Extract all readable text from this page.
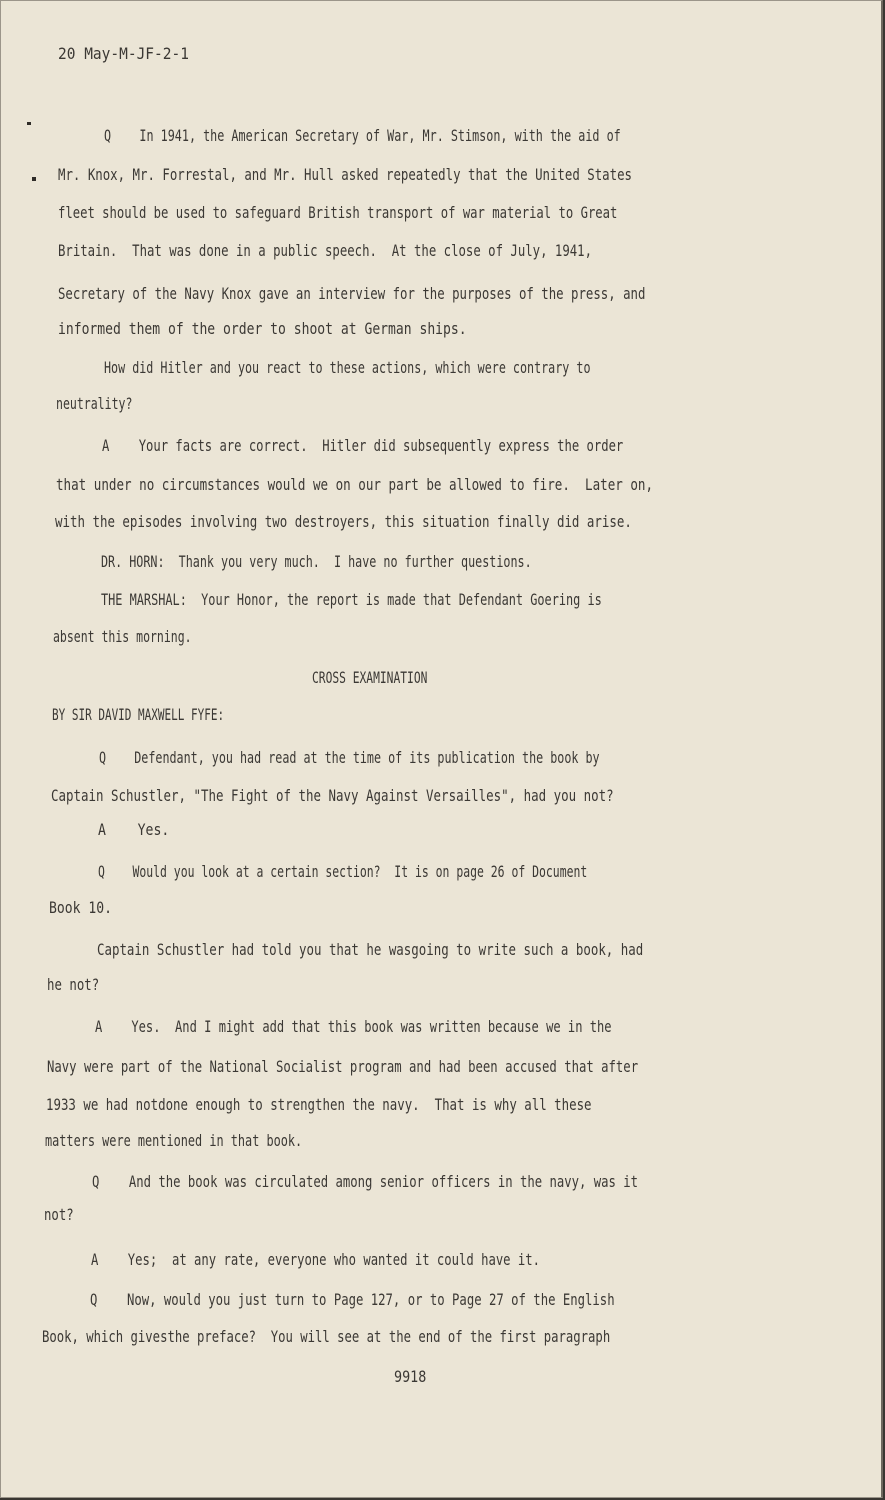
20 May-M-JF-2-1
Q    In 1941, the American Secretary of War, Mr. Stimson, with the aid of
Mr. Knox, Mr. Forrestal, and Mr. Hull asked repeatedly that the United States
fleet should be used to safeguard British transport of war material to Great
Britain.  That was done in a public speech.  At the close of July, 1941,
Secretary of the Navy Knox gave an interview for the purposes of the press, and
informed them of the order to shoot at German ships.
How did Hitler and you react to these actions, which were contrary to
neutrality?
A    Your facts are correct.  Hitler did subsequently express the order
that under no circumstances would we on our part be allowed to fire.  Later on,
with the episodes involving two destroyers, this situation finally did arise.
DR. HORN:  Thank you very much.  I have no further questions.
THE MARSHAL:  Your Honor, the report is made that Defendant Goering is
absent this morning.
CROSS EXAMINATION
BY SIR DAVID MAXWELL FYFE:
Q    Defendant, you had read at the time of its publication the book by
Captain Schustler, "The Fight of the Navy Against Versailles", had you not?
A    Yes.
Q    Would you look at a certain section?  It is on page 26 of Document
Book 10.
Captain Schustler had told you that he wasgoing to write such a book, had
he not?
A    Yes.  And I might add that this book was written because we in the
Navy were part of the National Socialist program and had been accused that after
1933 we had notdone enough to strengthen the navy.  That is why all these
matters were mentioned in that book.
Q    And the book was circulated among senior officers in the navy, was it
not?
A    Yes;  at any rate, everyone who wanted it could have it.
Q    Now, would you just turn to Page 127, or to Page 27 of the English
Book, which givesthe preface?  You will see at the end of the first paragraph
9918
